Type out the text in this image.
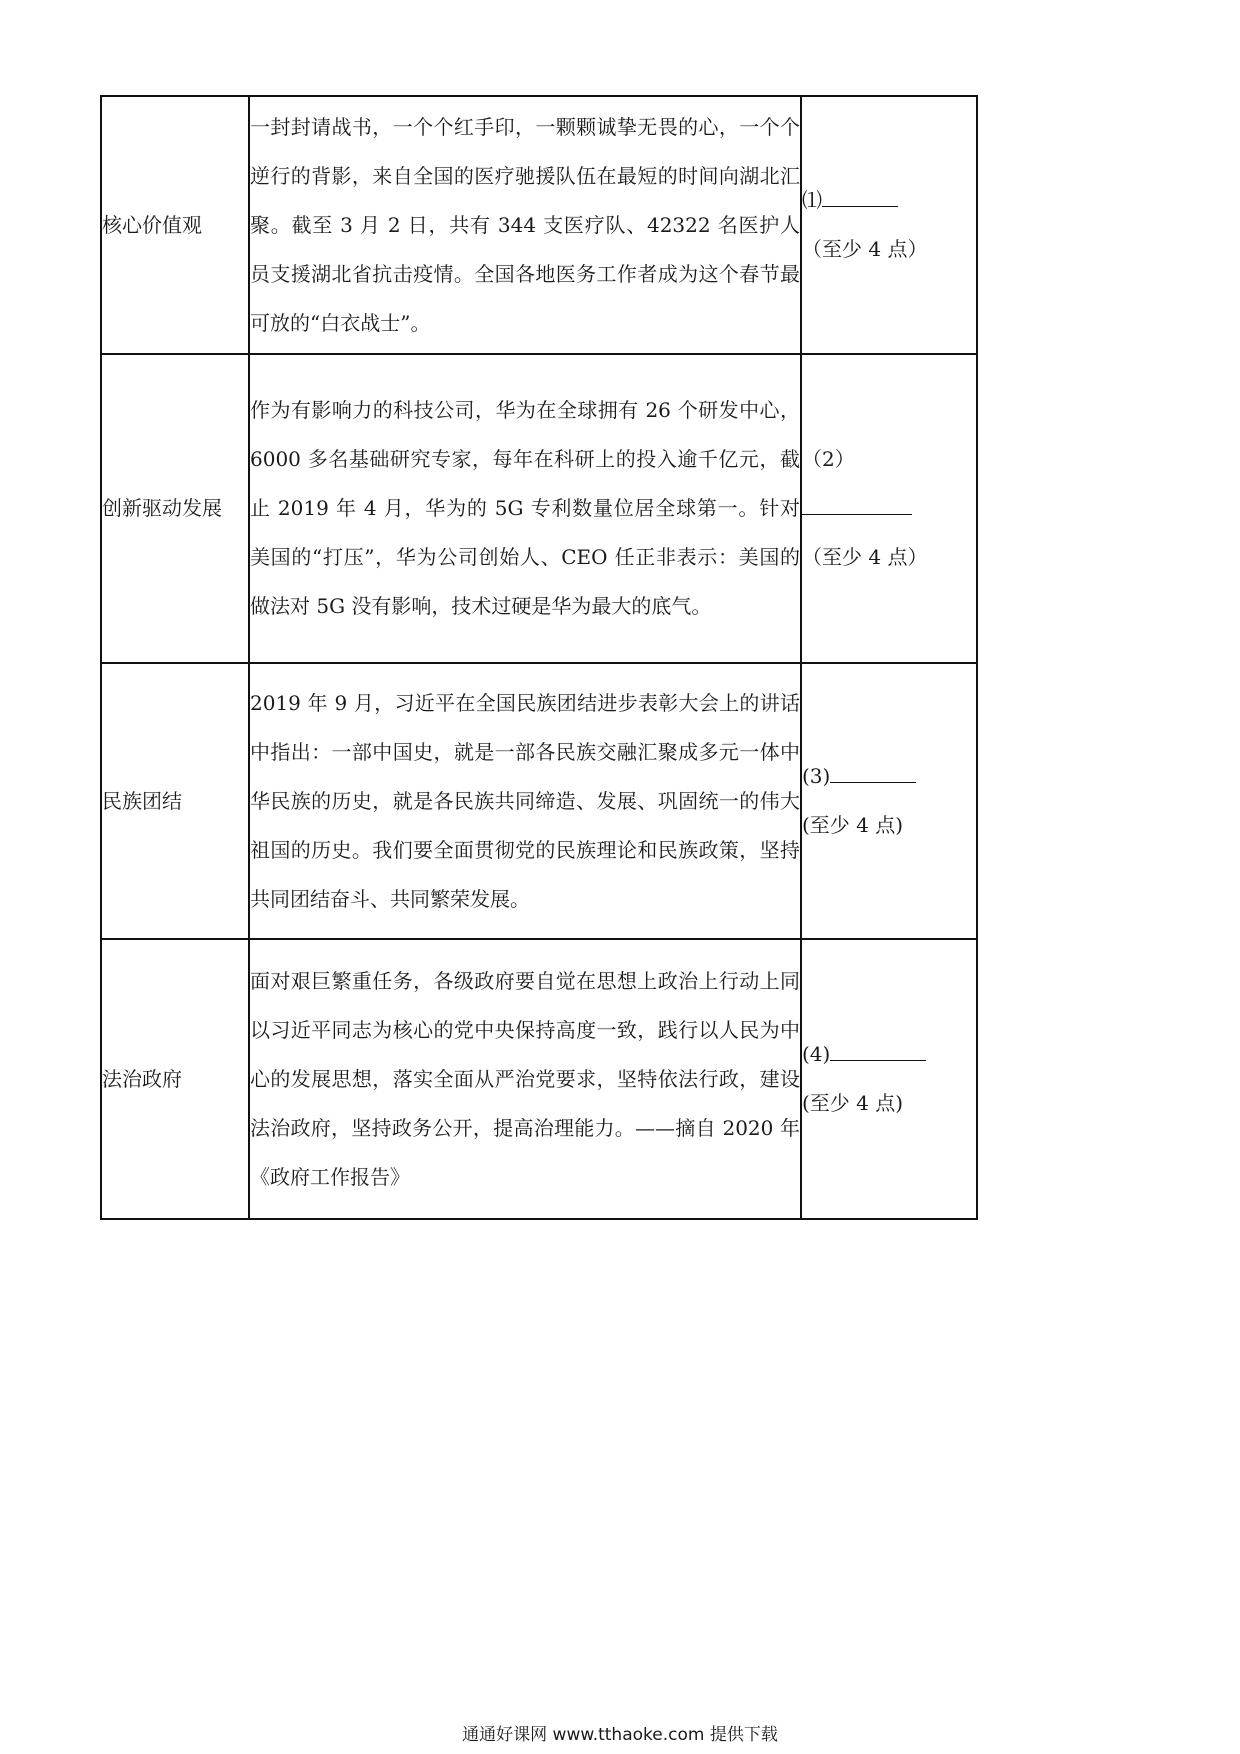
核心价值观	一封封请战书，一个个红手印，一颗颗诚挚无畏的心，一个个逆行的背影，来自全国的医疗驰援队伍在最短的时间向湖北汇聚。截至 3 月 2 日，共有 344 支医疗队、42322 名医护人员支援湖北省抗击疫情。全国各地医务工作者成为这个春节最可放的“白衣战士”。	⑴
（至少 4 点）

创新驱动发展	作为有影响力的科技公司，华为在全球拥有 26 个研发中心，6000 多名基础研究专家，每年在科研上的投入逾千亿元，截止 2019 年 4 月，华为的 5G 专利数量位居全球第一。针对美国的“打压”，华为公司创始人、CEO 任正非表示：美国的做法对 5G 没有影响，技术过硬是华为最大的底气。	（2）
（至少 4 点）

民族团结	2019 年 9 月，习近平在全国民族团结进步表彰大会上的讲话中指出：一部中国史，就是一部各民族交融汇聚成多元一体中华民族的历史，就是各民族共同缔造、发展、巩固统一的伟大祖国的历史。我们要全面贯彻党的民族理论和民族政策，坚持共同团结奋斗、共同繁荣发展。	(3)
(至少 4 点)

法治政府	面对艰巨繁重任务，各级政府要自觉在思想上政治上行动上同以习近平同志为核心的党中央保持高度一致，践行以人民为中心的发展思想，落实全面从严治党要求，坚特依法行政，建设法治政府，坚持政务公开，提高治理能力。——摘自 2020 年《政府工作报告》	(4)
(至少 4 点)
通通好课网 www.tthaoke.com 提供下载
